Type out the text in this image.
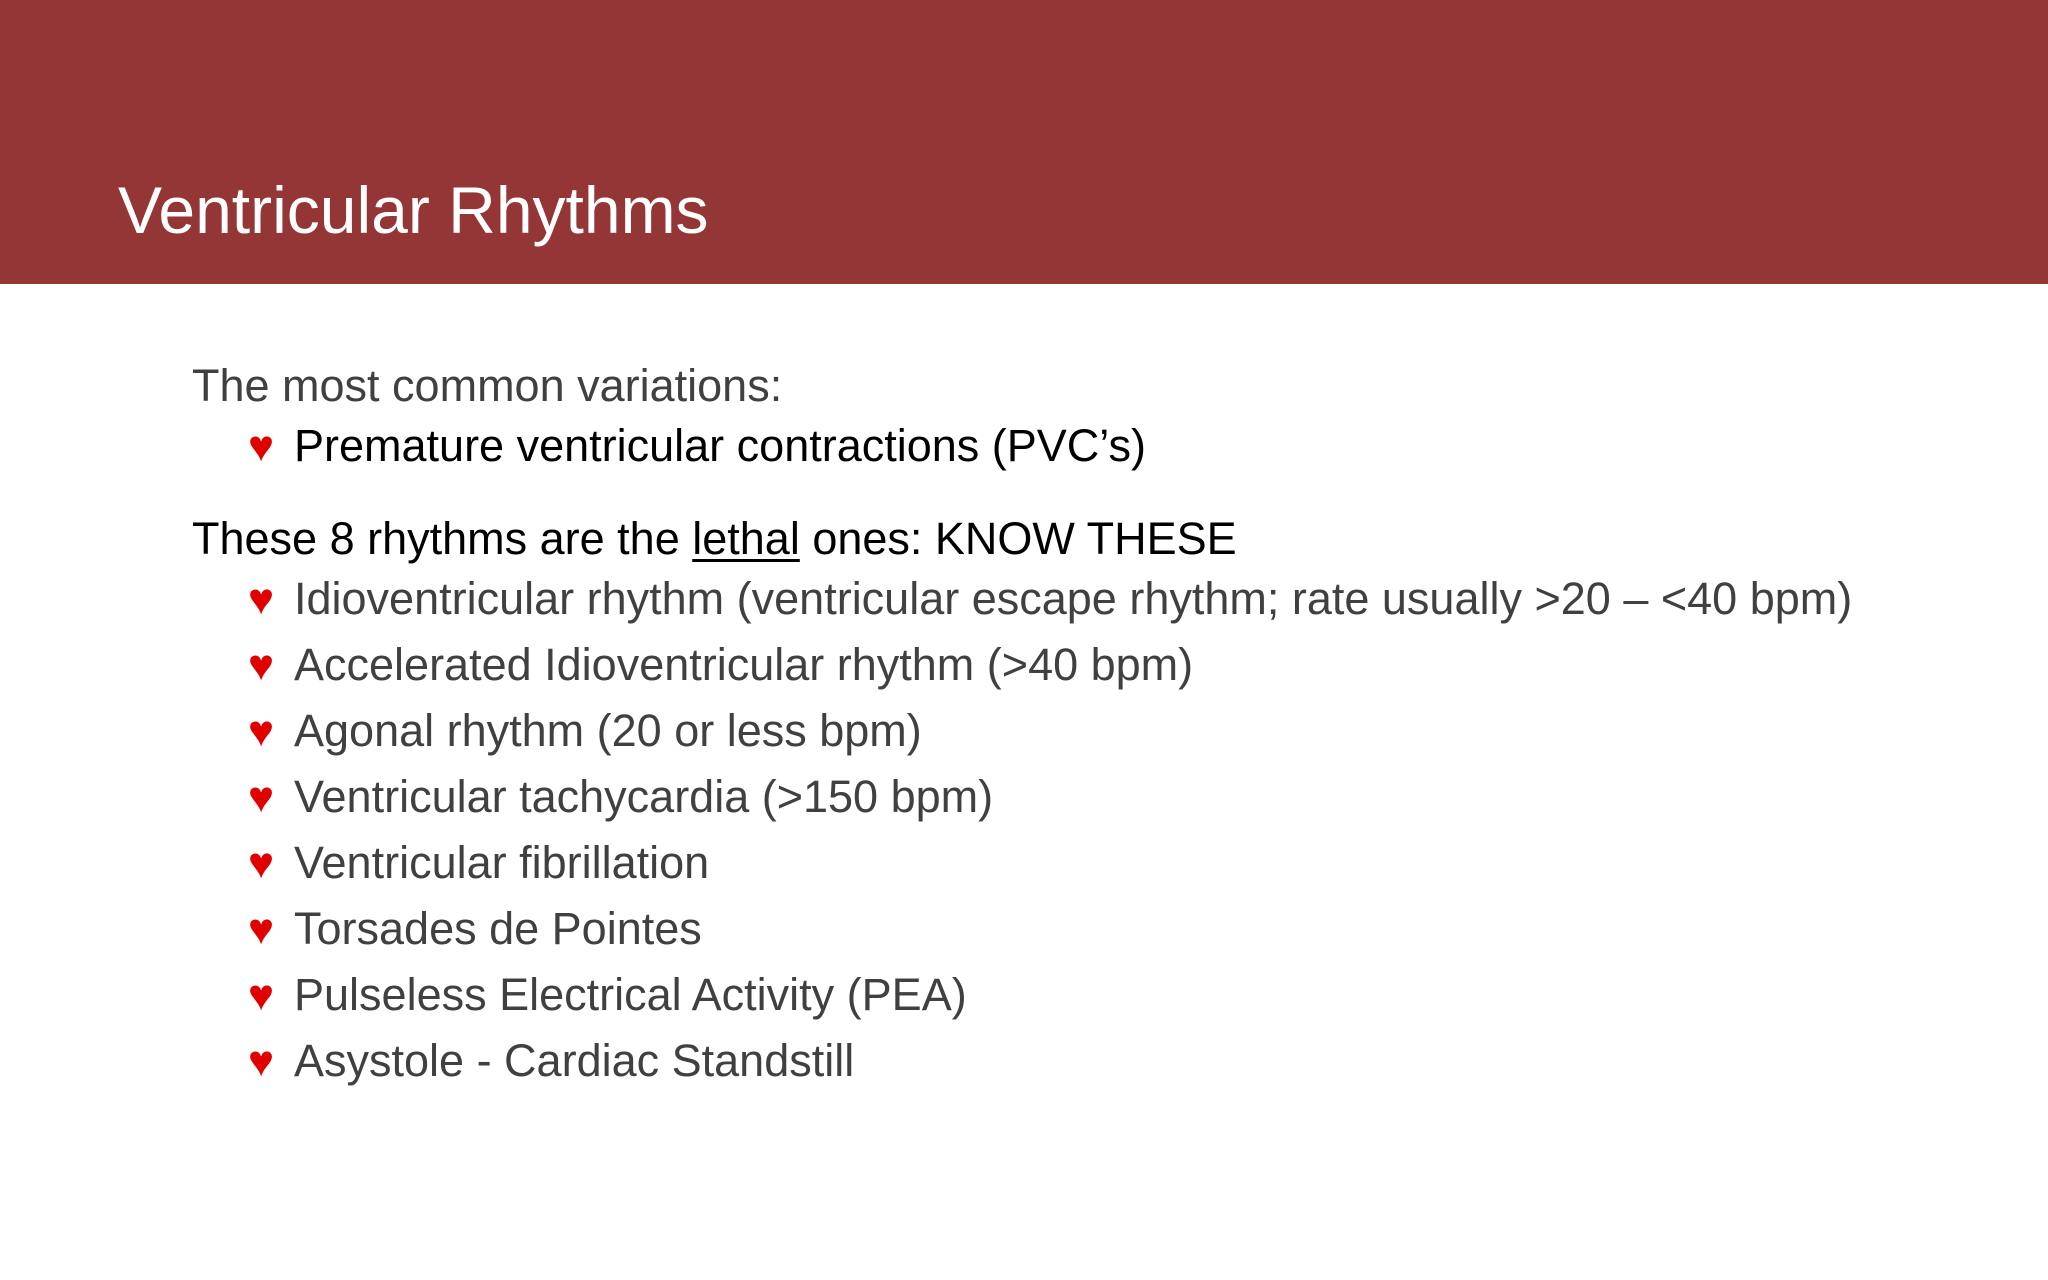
Ventricular Rhythms

The most common variations:

♥ Premature ventricular contractions (PVC’s)

These 8 rhythms are the lethal ones: KNOW THESE

♥ Idioventricular rhythm (ventricular escape rhythm; rate usually >20 – <40 bpm)
♥ Accelerated Idioventricular rhythm (>40 bpm)
♥ Agonal rhythm (20 or less bpm)
♥ Ventricular tachycardia (>150 bpm)
♥ Ventricular fibrillation
♥ Torsades de Pointes
♥ Pulseless Electrical Activity (PEA)
♥ Asystole - Cardiac Standstill
